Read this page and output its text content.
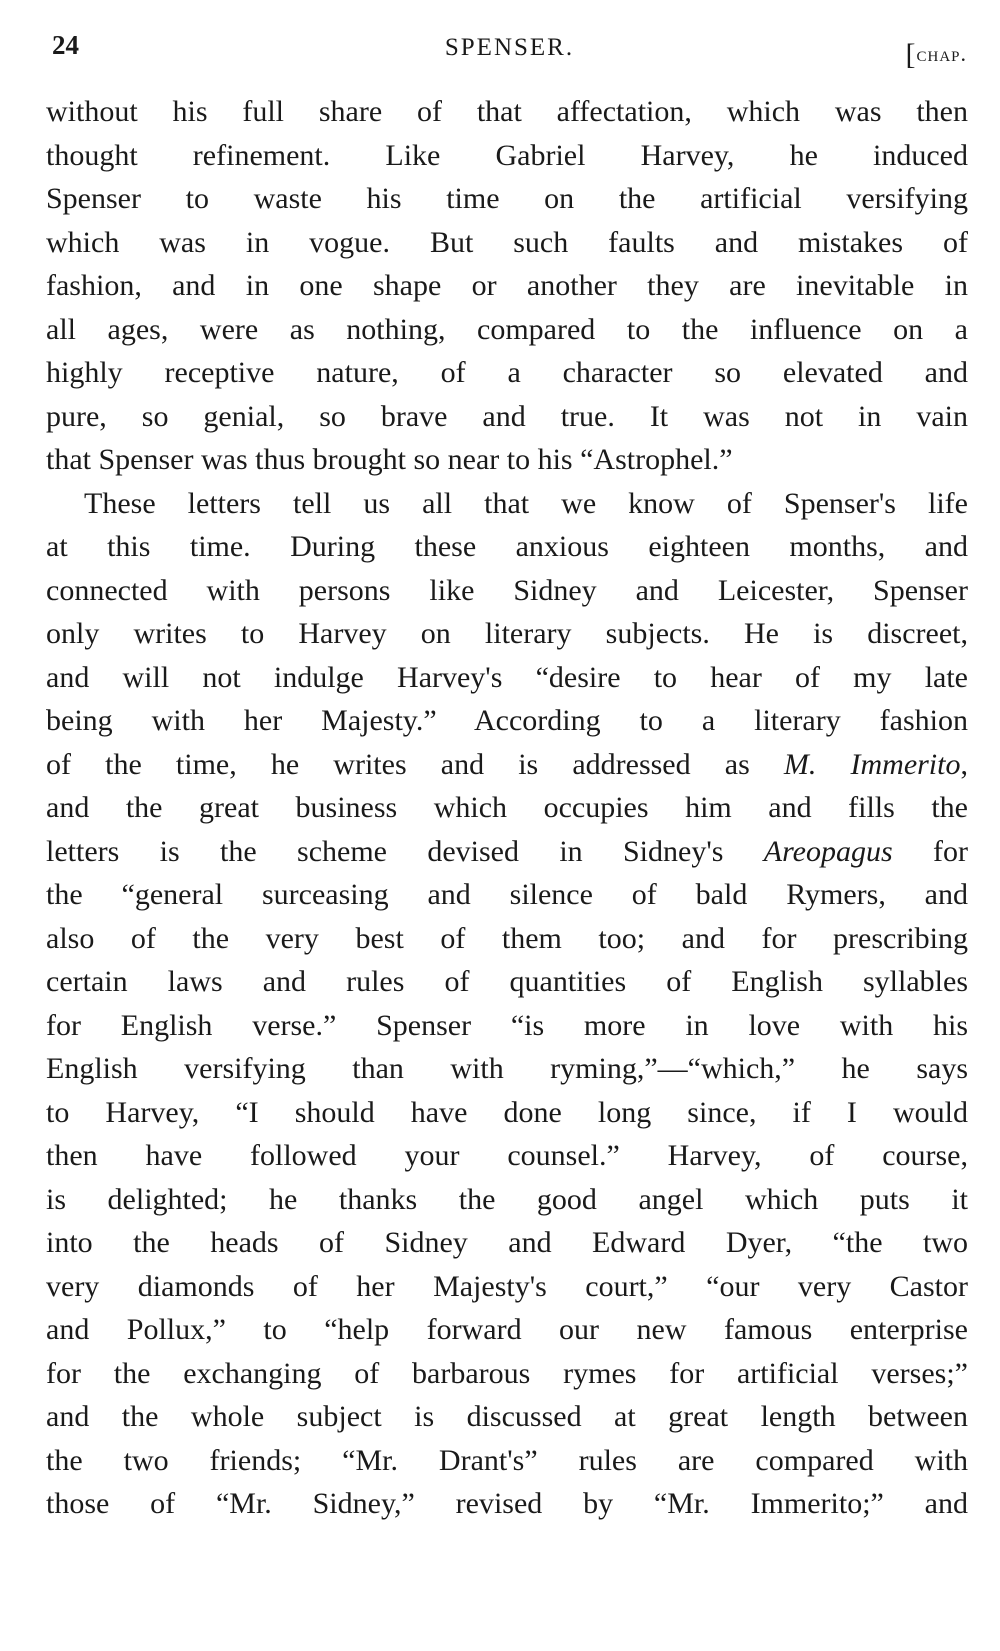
24	SPENSER.	[chap.
without his full share of that affectation, which was then
thought refinement. Like Gabriel Harvey, he induced
Spenser to waste his time on the artificial versifying
which was in vogue. But such faults and mistakes of
fashion, and in one shape or another they are inevitable in
all ages, were as nothing, compared to the influence on a
highly receptive nature, of a character so elevated and
pure, so genial, so brave and true. It was not in vain
that Spenser was thus brought so near to his “Astrophel.”
These letters tell us all that we know of Spenser's life
at this time. During these anxious eighteen months, and
connected with persons like Sidney and Leicester, Spenser
only writes to Harvey on literary subjects. He is discreet,
and will not indulge Harvey's “desire to hear of my late
being with her Majesty.” According to a literary fashion
of the time, he writes and is addressed as M. Immerito,
and the great business which occupies him and fills the
letters is the scheme devised in Sidney's Areopagus for
the “general surceasing and silence of bald Rymers, and
also of the very best of them too; and for prescribing
certain laws and rules of quantities of English syllables
for English verse.” Spenser “is more in love with his
English versifying than with ryming,”—“which,” he says
to Harvey, “I should have done long since, if I would
then have followed your counsel.” Harvey, of course,
is delighted; he thanks the good angel which puts it
into the heads of Sidney and Edward Dyer, “the two
very diamonds of her Majesty's court,” “our very Castor
and Pollux,” to “help forward our new famous enterprise
for the exchanging of barbarous rymes for artificial verses;”
and the whole subject is discussed at great length between
the two friends; “Mr. Drant's” rules are compared with
those of “Mr. Sidney,” revised by “Mr. Immerito;” and
